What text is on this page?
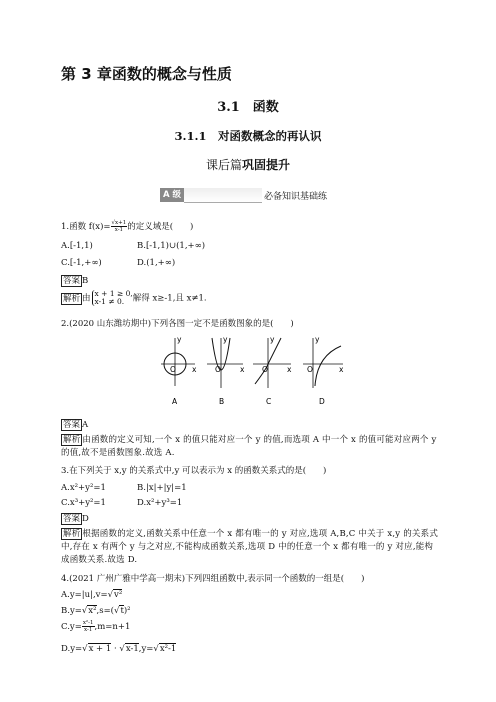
第 3 章函数的概念与性质
3.1　函数
3.1.1　对函数概念的再认识
课后篇巩固提升
A 级	必备知识基础练
1.函数 $f(x)= \frac{√x+1}{x-1}$的定义域是(　　)
A.[-1,1)	B.[-1,1)∪(1,+∞)
C.[-1,+∞)	D.(1,+∞)
答案 B
解析 由 x + 1 ≥ 0,
x-1 ≠ 0. 解得 x≥-1,且 x≠1.
2.(2020 山东潍坊期中)下列各图一定不是函数图象的是(　　)
O x
y
A
O	x
y
B
O	x
y
C
O	x
y
D
答案 A
解析 由函数的定义可知,一个 x 的值只能对应一个 y 的值,而选项 A 中一个 x 的值可能对应两个 y 的值,故不是函数图象.故选 A.
3.在下列关于 x,y 的关系式中,y 可以表示为 x 的函数关系式的是(　　)
A.x²+y²=1	B.|x|+|y|=1
C.x³+y²=1	D.x²+y³=1
答案 D
解析 根据函数的定义,函数关系中任意一个 x 都有唯一的 y 对应,选项 A,B,C 中关于 x,y 的关系式中,存在 x 有两个 y 与之对应,不能构成函数关系,选项 D 中的任意一个 x 都有唯一的 y 对应,能构成函数关系.故选 D.
4.(2021 广州广雅中学高一期末)下列四组函数中,表示同一个函数的一组是(　　)
A.y=|u|,v=√v²
B.y=√x²,s=(√t)²
$C.y= \frac{\text{x²-1}}{x-1},m=n+1$
D.y=√x + 1 · √x-1,y=√x²-1
